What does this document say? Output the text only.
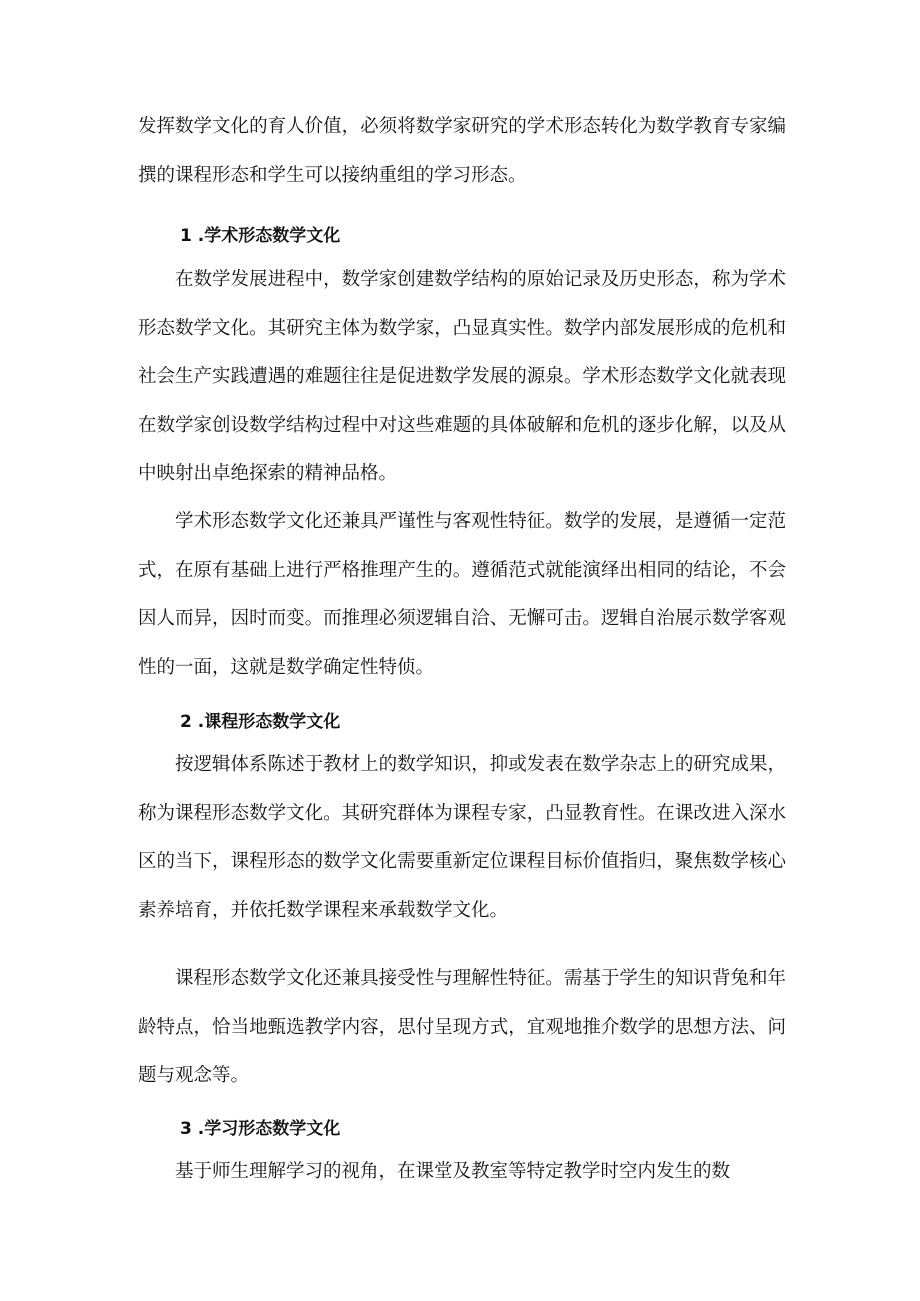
发挥数学文化的育人价值，必须将数学家研究的学术形态转化为数学教育专家编撰的课程形态和学生可以接纳重组的学习形态。

1 .学术形态数学文化

在数学发展进程中，数学家创建数学结构的原始记录及历史形态，称为学术形态数学文化。其研究主体为数学家，凸显真实性。数学内部发展形成的危机和社会生产实践遭遇的难题往往是促进数学发展的源泉。学术形态数学文化就表现在数学家创设数学结构过程中对这些难题的具体破解和危机的逐步化解，以及从中映射出卓绝探索的精神品格。

学术形态数学文化还兼具严谨性与客观性特征。数学的发展，是遵循一定范式，在原有基础上进行严格推理产生的。遵循范式就能演绎出相同的结论，不会因人而异，因时而变。而推理必须逻辑自洽、无懈可击。逻辑自治展示数学客观性的一面，这就是数学确定性特侦。

2 .课程形态数学文化

按逻辑体系陈述于教材上的数学知识，抑或发表在数学杂志上的研究成果，称为课程形态数学文化。其研究群体为课程专家，凸显教育性。在课改进入深水区的当下，课程形态的数学文化需要重新定位课程目标价值指归，聚焦数学核心素养培育，并依托数学课程来承载数学文化。

课程形态数学文化还兼具接受性与理解性特征。需基于学生的知识背兔和年龄特点，恰当地甄选教学内容，思付呈现方式，宜观地推介数学的思想方法、问题与观念等。

3 .学习形态数学文化

基于师生理解学习的视角，在课堂及教室等特定教学时空内发生的数
